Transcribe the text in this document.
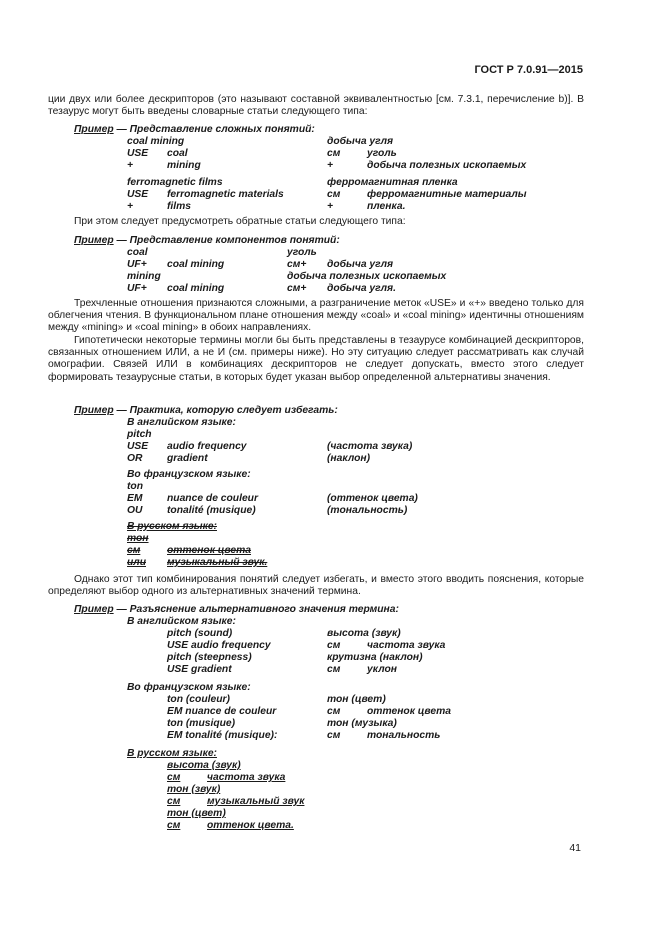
ГОСТ Р 7.0.91—2015
ции двух или более дескрипторов (это называют составной эквивалентностью [см. 7.3.1, перечисление b)]. В тезаурус могут быть введены словарные статьи следующего типа:
Пример — Представление сложных понятий:
coal mining	добыча угля
USE coal	см	уголь
+	mining	+	добыча полезных ископаемых
ferromagnetic films	ферромагнитная пленка
USE ferromagnetic materials	см	ферромагнитные материалы
+	films	+	пленка.
При этом следует предусмотреть обратные статьи следующего типа:
Пример — Представление компонентов понятий:
coal	уголь
UF+ coal mining	см+ добыча угля
mining	добыча полезных ископаемых
UF+ coal mining	см+ добыча угля.
Трехчленные отношения признаются сложными, а разграничение меток «USE» и «+» введено только для облегчения чтения. В функциональном плане отношения между «coal» и «coal mining» идентичны отношениям между «mining» и «coal mining» в обоих направлениях.
Гипотетически некоторые термины могли бы быть представлены в тезаурусе комбинацией дескрипторов, связанных отношением ИЛИ, а не И (см. примеры ниже). Но эту ситуацию следует рассматривать как случай омографии. Связей ИЛИ в комбинациях дескрипторов не следует допускать, вместо этого следует формировать тезаурусные статьи, в которых будет указан выбор определенной альтернативы значения.
Пример — Практика, которую следует избегать:
В английском языке:
pitch
USE audio frequency	(частота звука)
OR gradient	(наклон)
Во французском языке:
ton
EM nuance de couleur	(оттенок цвета)
OU tonalité (musique)	(тональность)
В русском языке:
тон
см	оттенок цвета
или музыкальный звук.
Однако этот тип комбинирования понятий следует избегать, и вместо этого вводить пояснения, которые определяют выбор одного из альтернативных значений термина.
Пример — Разъяснение альтернативного значения термина:
В английском языке:
pitch (sound)	высота (звук)
USE audio frequency	см	частота звука
pitch (steepness)	крутизна (наклон)
USE gradient	см	уклон
Во французском языке:
ton (couleur)	тон (цвет)
EM nuance de couleur	см	оттенок цвета
ton (musique)	тон (музыка)
EM tonalité (musique):	см	тональность
В русском языке:
высота (звук)
см	частота звука
тон (звук)
см	музыкальный звук
тон (цвет)
см	оттенок цвета.
41
